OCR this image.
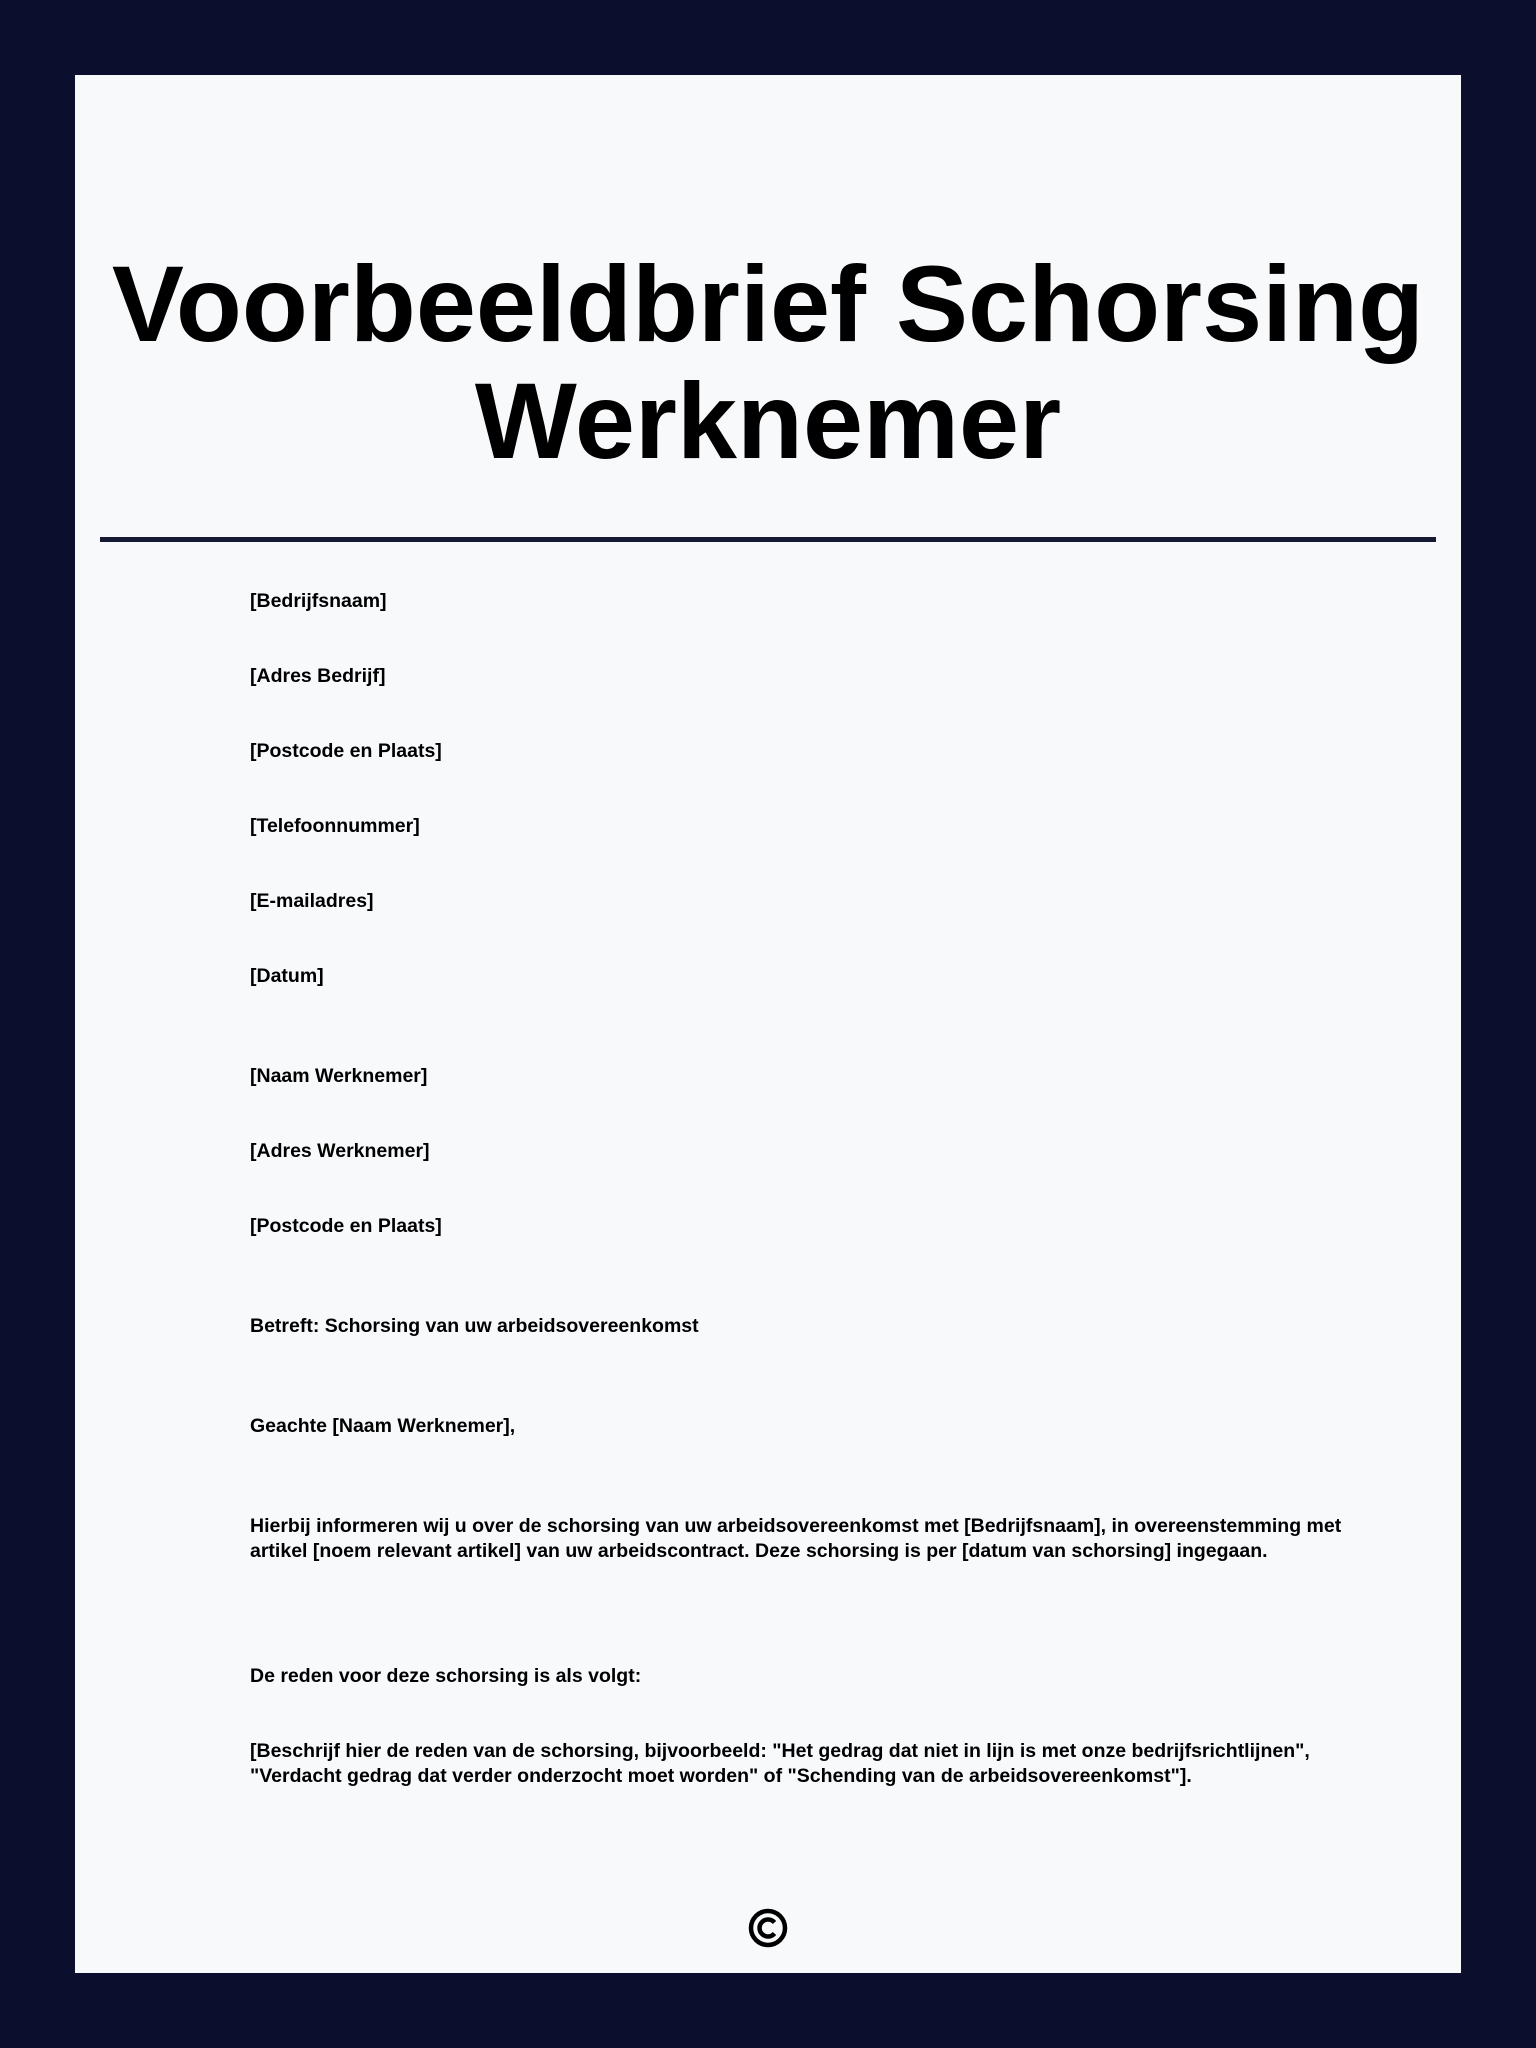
Voorbeeldbrief Schorsing
Werknemer

[Bedrijfsnaam]

[Adres Bedrijf]

[Postcode en Plaats]

[Telefoonnummer]

[E-mailadres]

[Datum]

[Naam Werknemer]

[Adres Werknemer]

[Postcode en Plaats]

Betreft: Schorsing van uw arbeidsovereenkomst

Geachte [Naam Werknemer],

Hierbij informeren wij u over de schorsing van uw arbeidsovereenkomst met [Bedrijfsnaam], in overeenstemming met artikel [noem relevant artikel] van uw arbeidscontract. Deze schorsing is per [datum van schorsing] ingegaan.

De reden voor deze schorsing is als volgt:

[Beschrijf hier de reden van de schorsing, bijvoorbeeld: "Het gedrag dat niet in lijn is met onze bedrijfsrichtlijnen", "Verdacht gedrag dat verder onderzocht moet worden" of "Schending van de arbeidsovereenkomst"].
